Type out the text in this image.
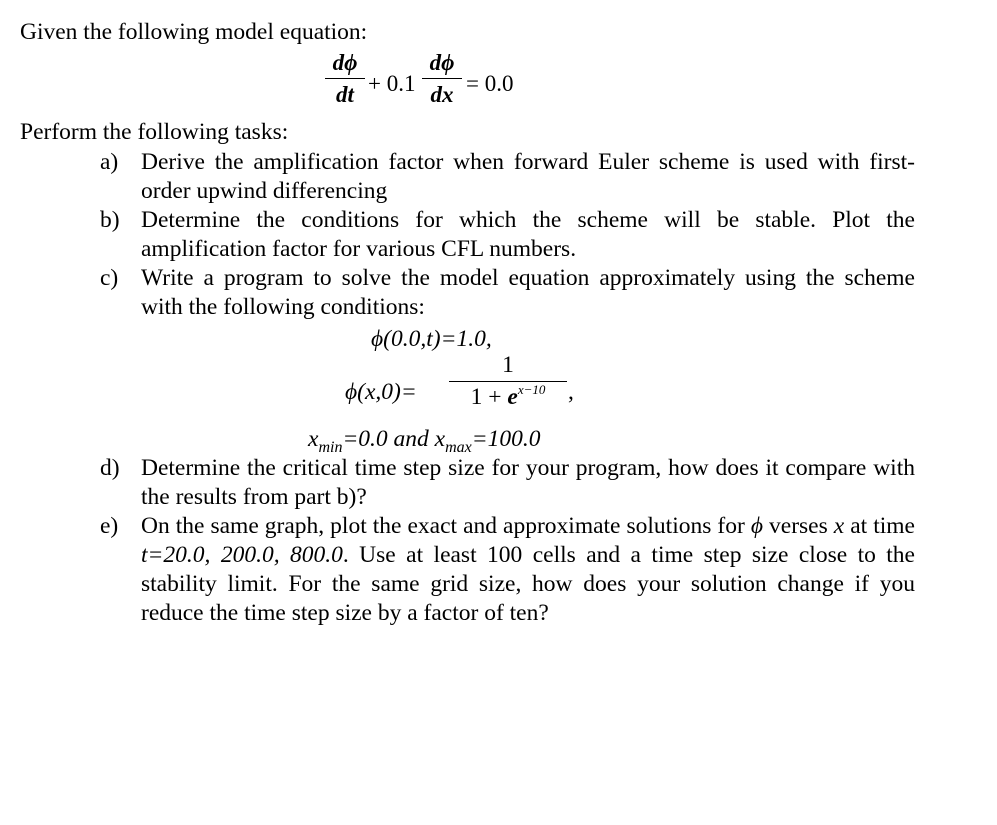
Given the following model equation:
dϕ
dt + 0.1
dϕ
dx = 0.0
Perform the following tasks:
a) Derive the amplification factor when forward Euler scheme is used with first-order upwind differencing
b) Determine the conditions for which the scheme will be stable. Plot the amplification factor for various CFL numbers.
c) Write a program to solve the model equation approximately using the scheme with the following conditions:
ϕ(0.0,t)=1.0,
ϕ(x,0)=
1
$1 + e^{x-10}$ ,
$x_{min}=0.0$ and $x_{max}=100.0$
d) Determine the critical time step size for your program, how does it compare with the results from part b)?
e) On the same graph, plot the exact and approximate solutions for ϕ verses x at time t=20.0, 200.0, 800.0. Use at least 100 cells and a time step size close to the stability limit. For the same grid size, how does your solution change if you reduce the time step size by a factor of ten?
